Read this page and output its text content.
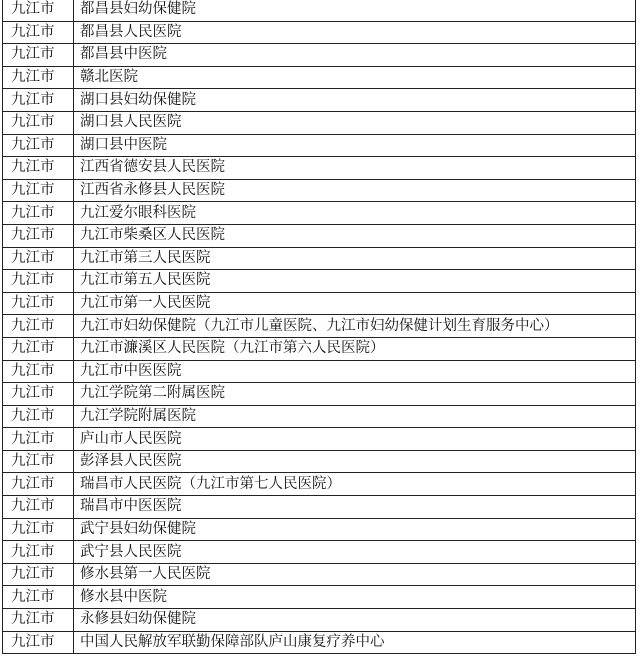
九江市	都昌县妇幼保健院
九江市	都昌县人民医院
九江市	都昌县中医院
九江市	赣北医院
九江市	湖口县妇幼保健院
九江市	湖口县人民医院
九江市	湖口县中医院
九江市	江西省德安县人民医院
九江市	江西省永修县人民医院
九江市	九江爱尔眼科医院
九江市	九江市柴桑区人民医院
九江市	九江市第三人民医院
九江市	九江市第五人民医院
九江市	九江市第一人民医院
九江市	九江市妇幼保健院（九江市儿童医院、九江市妇幼保健计划生育服务中心）
九江市	九江市濂溪区人民医院（九江市第六人民医院）
九江市	九江市中医医院
九江市	九江学院第二附属医院
九江市	九江学院附属医院
九江市	庐山市人民医院
九江市	彭泽县人民医院
九江市	瑞昌市人民医院（九江市第七人民医院）
九江市	瑞昌市中医医院
九江市	武宁县妇幼保健院
九江市	武宁县人民医院
九江市	修水县第一人民医院
九江市	修水县中医院
九江市	永修县妇幼保健院
九江市	中国人民解放军联勤保障部队庐山康复疗养中心
